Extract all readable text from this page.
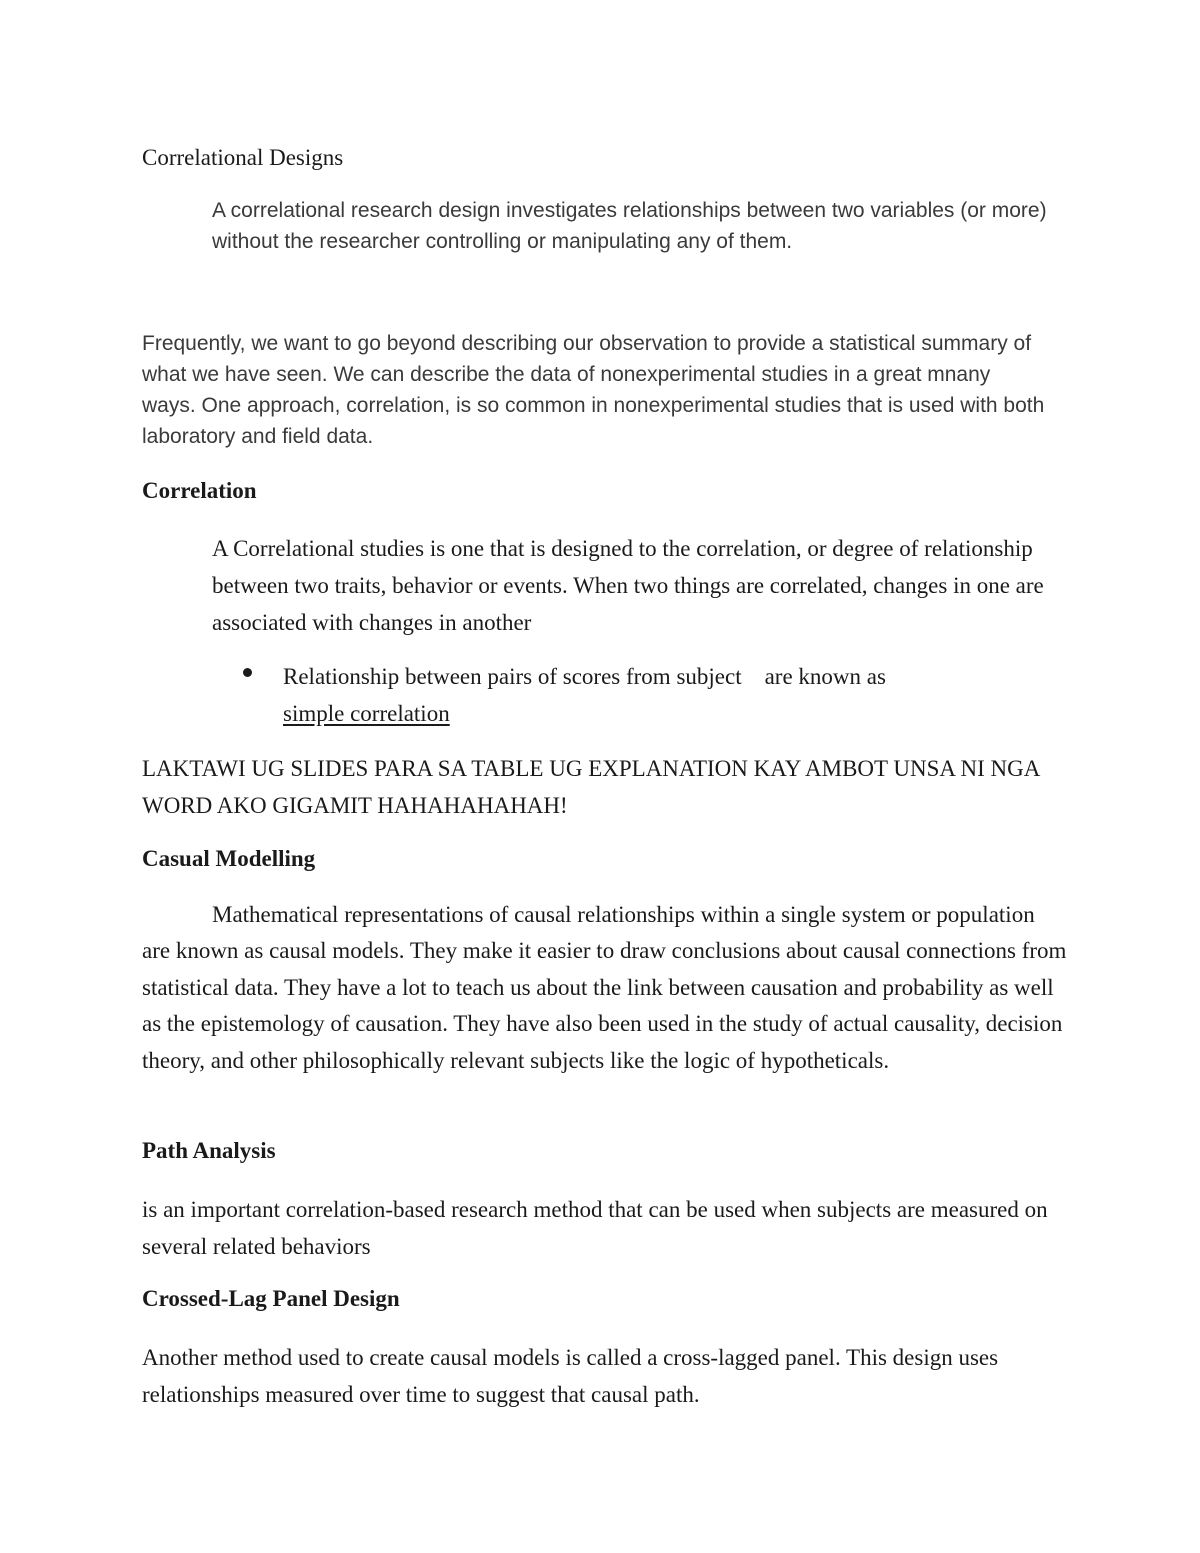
Correlational Designs

A correlational research design investigates relationships between two variables (or more) without the researcher controlling or manipulating any of them.

Frequently, we want to go beyond describing our observation to provide a statistical summary of what we have seen. We can describe the data of nonexperimental studies in a great mnany ways. One approach, correlation, is so common in nonexperimental studies that is used with both laboratory and field data.

Correlation

A Correlational studies is one that is designed to the correlation, or degree of relationship between two traits, behavior or events. When two things are correlated, changes in one are associated with changes in another

Relationship between pairs of scores from subject    are known as
simple correlation

LAKTAWI UG SLIDES PARA SA TABLE UG EXPLANATION KAY AMBOT UNSA NI NGA WORD AKO GIGAMIT HAHAHAHAHAH!

Casual Modelling

Mathematical representations of causal relationships within a single system or population are known as causal models. They make it easier to draw conclusions about causal connections from statistical data. They have a lot to teach us about the link between causation and probability as well as the epistemology of causation. They have also been used in the study of actual causality, decision theory, and other philosophically relevant subjects like the logic of hypotheticals.

Path Analysis

is an important correlation-based research method that can be used when subjects are measured on several related behaviors

Crossed-Lag Panel Design

Another method used to create causal models is called a cross-lagged panel. This design uses relationships measured over time to suggest that causal path.
